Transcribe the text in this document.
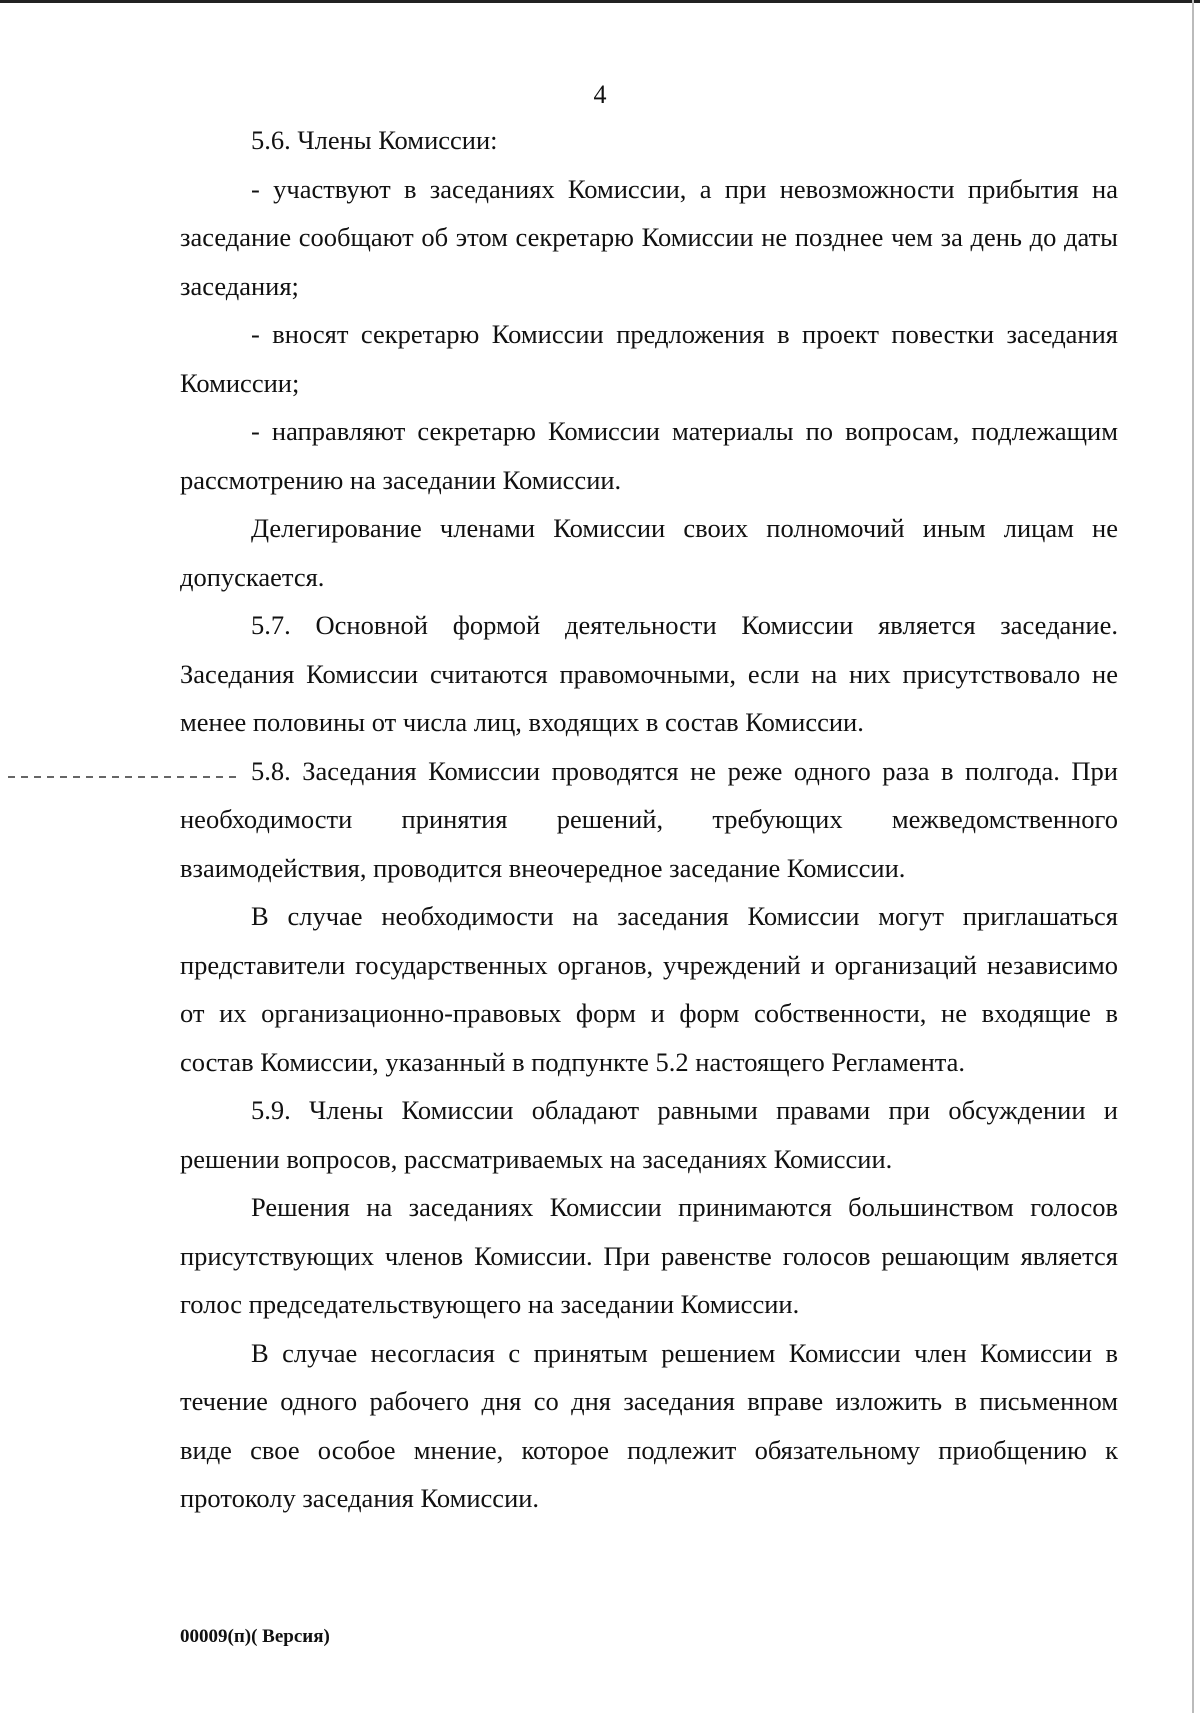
4

5.6. Члены Комиссии:

- участвуют в заседаниях Комиссии, а при невозможности прибытия на заседание сообщают об этом секретарю Комиссии не позднее чем за день до даты заседания;

- вносят секретарю Комиссии предложения в проект повестки заседания Комиссии;

- направляют секретарю Комиссии материалы по вопросам, подлежащим рассмотрению на заседании Комиссии.

Делегирование членами Комиссии своих полномочий иным лицам не допускается.

5.7. Основной формой деятельности Комиссии является заседание. Заседания Комиссии считаются правомочными, если на них присутствовало не менее половины от числа лиц, входящих в состав Комиссии.

5.8. Заседания Комиссии проводятся не реже одного раза в полгода. При необходимости принятия решений, требующих межведомственного взаимодействия, проводится внеочередное заседание Комиссии.

В случае необходимости на заседания Комиссии могут приглашаться представители государственных органов, учреждений и организаций независимо от их организационно-правовых форм и форм собственности, не входящие в состав Комиссии, указанный в подпункте 5.2 настоящего Регламента.

5.9. Члены Комиссии обладают равными правами при обсуждении и решении вопросов, рассматриваемых на заседаниях Комиссии.

Решения на заседаниях Комиссии принимаются большинством голосов присутствующих членов Комиссии. При равенстве голосов решающим является голос председательствующего на заседании Комиссии.

В случае несогласия с принятым решением Комиссии член Комиссии в течение одного рабочего дня со дня заседания вправе изложить в письменном виде свое особое мнение, которое подлежит обязательному приобщению к протоколу заседания Комиссии.

00009(п)( Версия)
